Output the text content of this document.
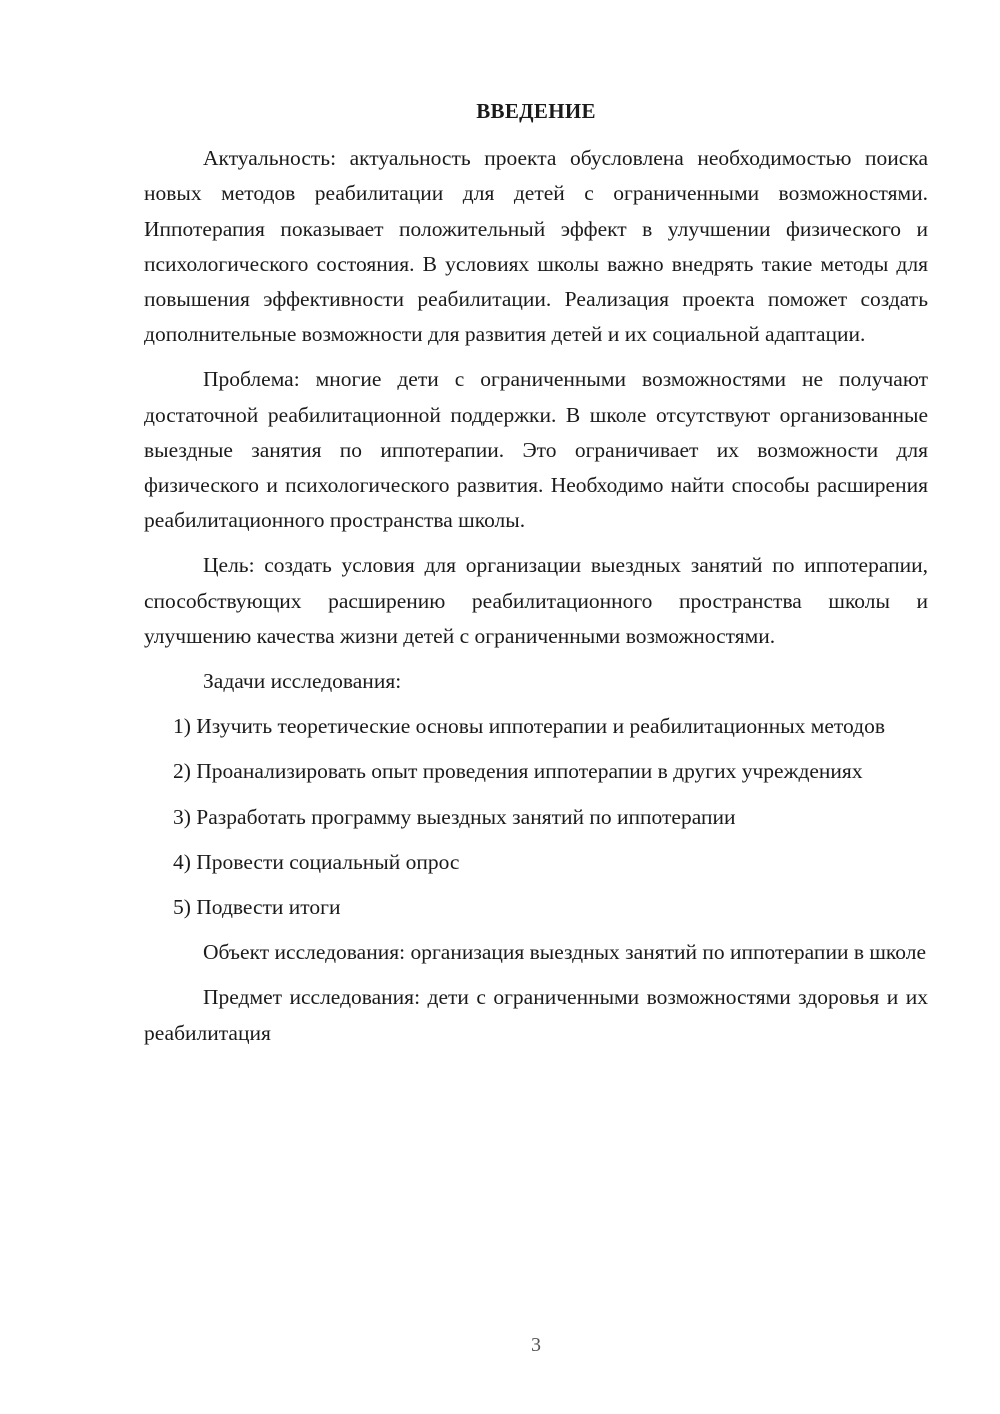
ВВЕДЕНИЕ

Актуальность: актуальность проекта обусловлена необходимостью поиска новых методов реабилитации для детей с ограниченными возможностями. Иппотерапия показывает положительный эффект в улучшении физического и психологического состояния. В условиях школы важно внедрять такие методы для повышения эффективности реабилитации. Реализация проекта поможет создать дополнительные возможности для развития детей и их социальной адаптации.

Проблема: многие дети с ограниченными возможностями не получают достаточной реабилитационной поддержки. В школе отсутствуют организованные выездные занятия по иппотерапии. Это ограничивает их возможности для физического и психологического развития. Необходимо найти способы расширения реабилитационного пространства школы.

Цель: создать условия для организации выездных занятий по иппотерапии, способствующих расширению реабилитационного пространства школы и улучшению качества жизни детей с ограниченными возможностями.

Задачи исследования:

1) Изучить теоретические основы иппотерапии и реабилитационных методов

2) Проанализировать опыт проведения иппотерапии в других учреждениях

3) Разработать программу выездных занятий по иппотерапии

4) Провести социальный опрос

5) Подвести итоги

Объект исследования: организация выездных занятий по иппотерапии в школе

Предмет исследования: дети с ограниченными возможностями здоровья и их реабилитация

3
